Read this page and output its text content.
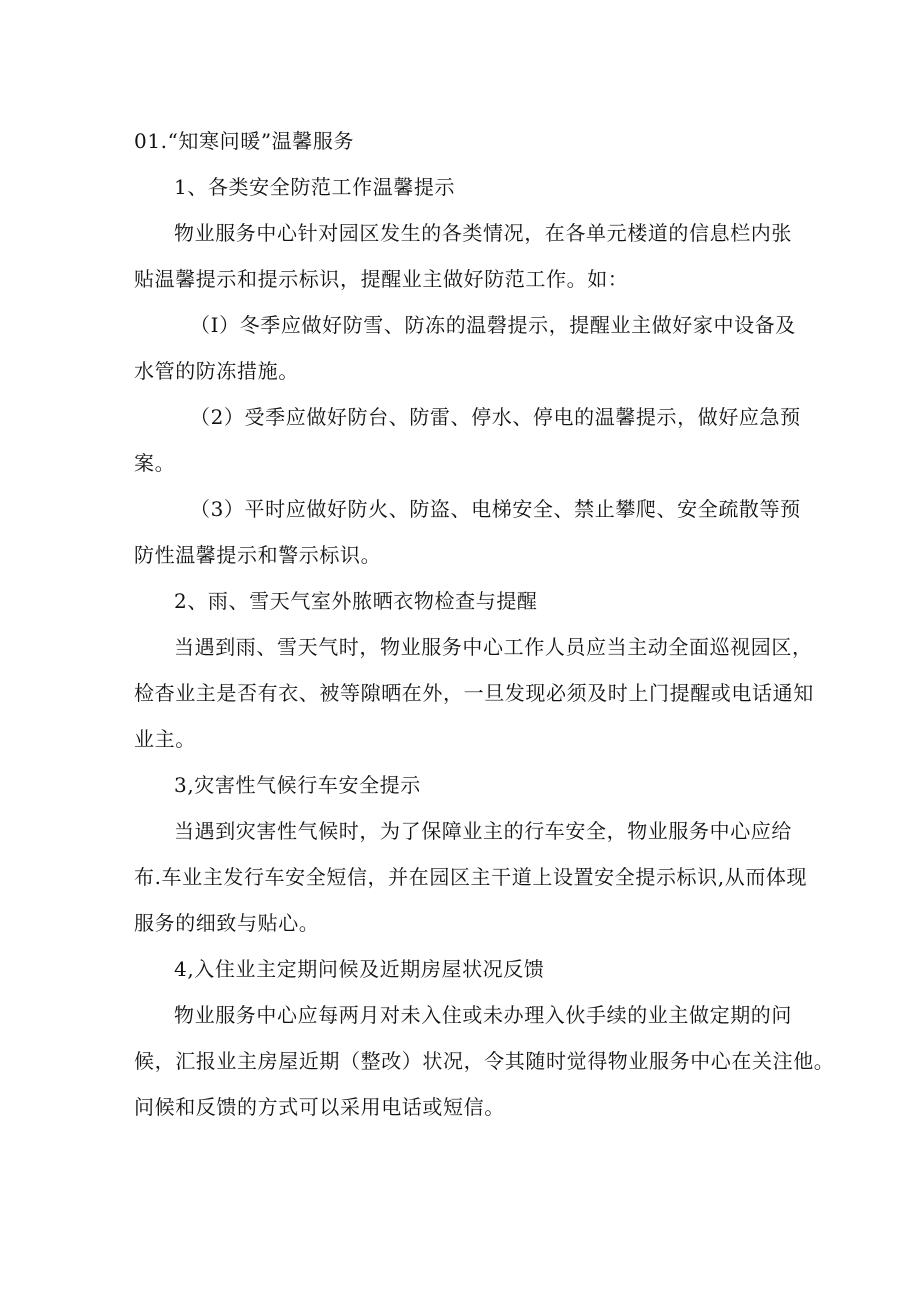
01.“知寒问暖”温馨服务

1、各类安全防范工作温馨提示

物业服务中心针对园区发生的各类情况，在各单元楼道的信息栏内张

贴温馨提示和提示标识，提醒业主做好防范工作。如：

（I）冬季应做好防雪、防冻的温磬提示，提醒业主做好家中设备及

水管的防冻措施。

（2）受季应做好防台、防雷、停水、停电的温馨提示，做好应急预

案。

（3）平时应做好防火、防盗、电梯安全、禁止攀爬、安全疏散等预

防性温馨提示和警示标识。

2、雨、雪天气室外脓晒衣物检查与提醒

当遇到雨、雪天气时，物业服务中心工作人员应当主动全面巡视园区，

检杳业主是否有衣、被等隙晒在外，一旦发现必须及时上门提醒或电话通知

业主。

3,灾害性气候行车安全提示

当遇到灾害性气候时，为了保障业主的行车安全，物业服务中心应给

布.车业主发行车安全短信，并在园区主干道上设置安全提示标识,从而体现

服务的细致与贴心。

4,入住业主定期问候及近期房屋状况反馈

物业服务中心应每两月对未入住或未办理入伙手续的业主做定期的问

候，汇报业主房屋近期（整改）状况，令其随时觉得物业服务中心在关注他。

问候和反馈的方式可以采用电话或短信。
